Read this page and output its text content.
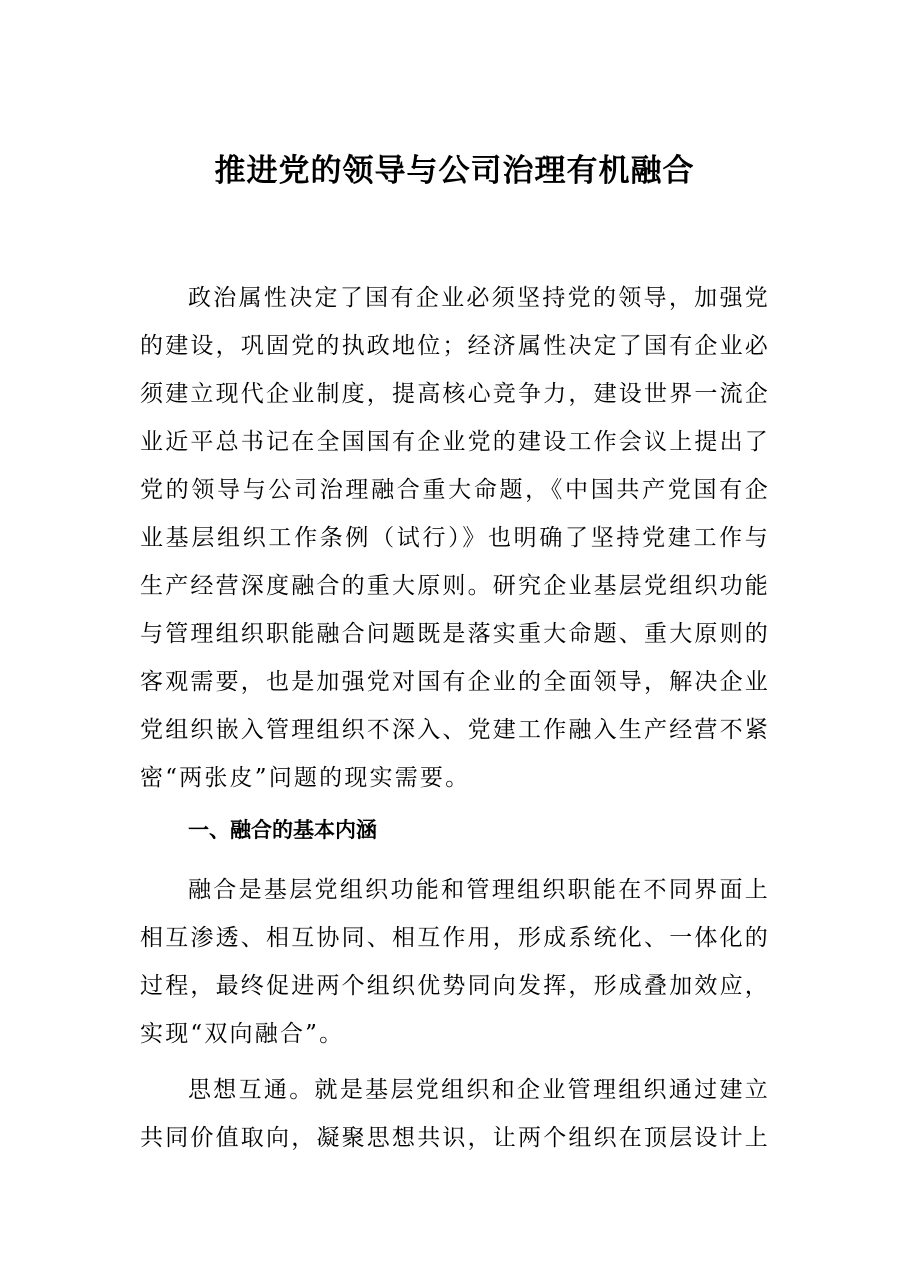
推进党的领导与公司治理有机融合

政治属性决定了国有企业必须坚持党的领导，加强党的建设，巩固党的执政地位；经济属性决定了国有企业必须建立现代企业制度，提高核心竞争力，建设世界一流企业近平总书记在全国国有企业党的建设工作会议上提出了党的领导与公司治理融合重大命题，《中国共产党国有企业基层组织工作条例（试行）》也明确了坚持党建工作与生产经营深度融合的重大原则。研究企业基层党组织功能与管理组织职能融合问题既是落实重大命题、重大原则的客观需要，也是加强党对国有企业的全面领导，解决企业党组织嵌入管理组织不深入、党建工作融入生产经营不紧密“两张皮”问题的现实需要。

一、融合的基本内涵

融合是基层党组织功能和管理组织职能在不同界面上相互渗透、相互协同、相互作用，形成系统化、一体化的过程，最终促进两个组织优势同向发挥，形成叠加效应，实现“双向融合”。

思想互通。就是基层党组织和企业管理组织通过建立共同价值取向，凝聚思想共识，让两个组织在顶层设计上
